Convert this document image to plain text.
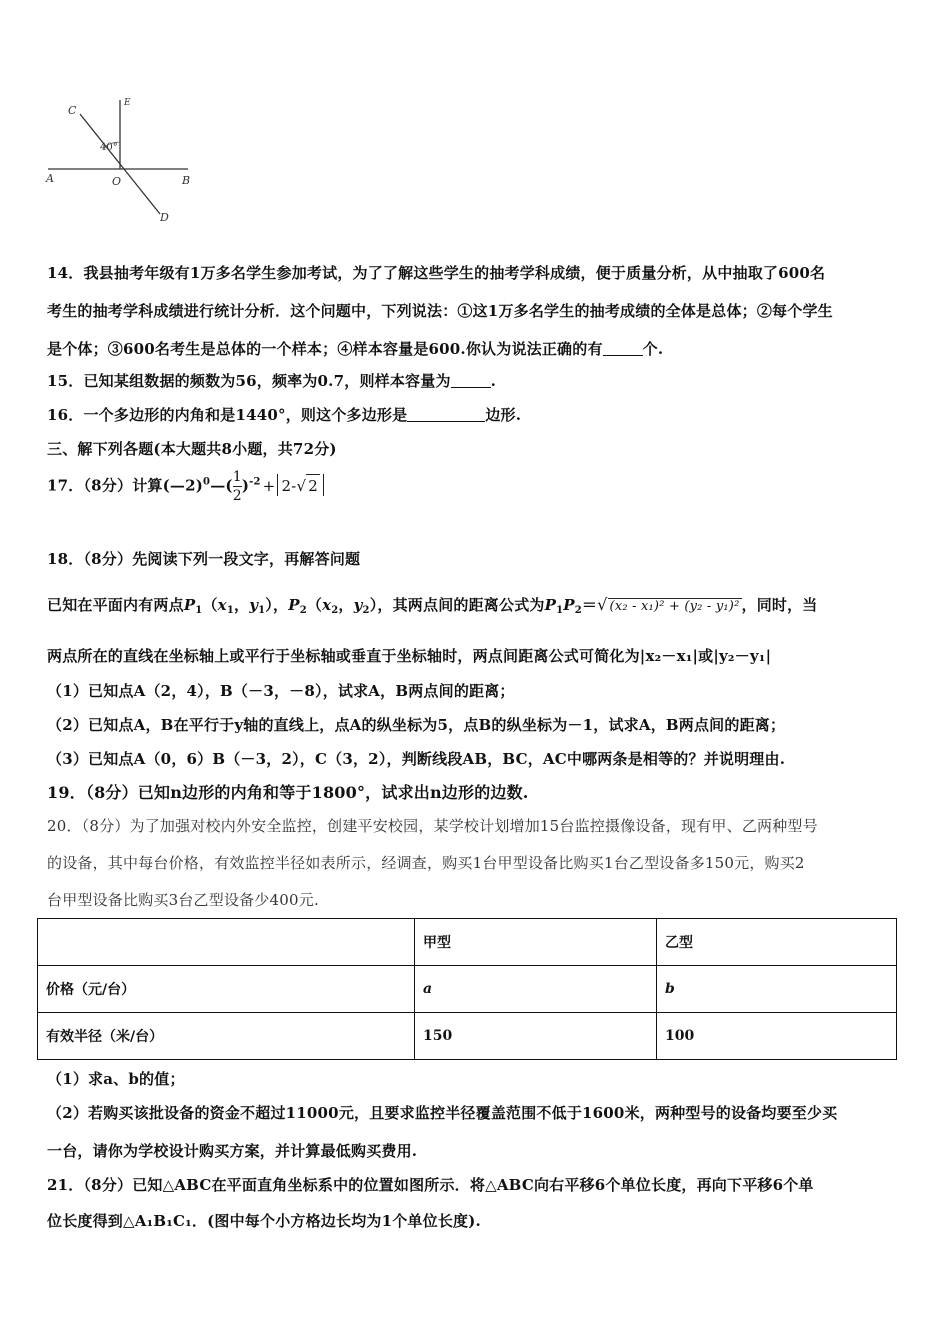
C
E
40°
A	O	B
D
14．我县抽考年级有1万多名学生参加考试，为了了解这些学生的抽考学科成绩，便于质量分析，从中抽取了600名
考生的抽考学科成绩进行统计分析．这个问题中，下列说法：①这1万多名学生的抽考成绩的全体是总体；②每个学生
是个体；③600名考生是总体的一个样本；④样本容量是600.你认为说法正确的有	个.
15．已知某组数据的频数为56，频率为0.7，则样本容量为	.
16．一个多边形的内角和是1440°，则这个多边形是	边形.
三、解下列各题(本大题共8小题，共72分)
17．（8分）计算(—2)$^0$—( $\frac{1}{2} )^{-2} + 2-√$ 2
18．（8分）先阅读下列一段文字，再解答问题
已知在平面内有两点$P_1(x_1$，$y_1$），$P_2(x_2$，$y_2$），其两点间的距离公式为$P_1P_2=√$ (x₂ - x₁)² + (y₂ - y₁)² ，同时，当
两点所在的直线在坐标轴上或平行于坐标轴或垂直于坐标轴时，两点间距离公式可简化为|x₂－x₁|或|y₂－y₁|
（1）已知点A（2，4），B（－3，－8），试求A，B两点间的距离；
（2）已知点A，B在平行于y轴的直线上，点A的纵坐标为5，点B的纵坐标为－1，试求A，B两点间的距离；
（3）已知点A（0，6）B（－3，2），C（3，2），判断线段AB，BC，AC中哪两条是相等的？并说明理由.
19．（8分）已知n边形的内角和等于1800°，试求出n边形的边数.
20．（8分）为了加强对校内外安全监控，创建平安校园，某学校计划增加15台监控摄像设备，现有甲、乙两种型号
的设备，其中每台价格，有效监控半径如表所示，经调查，购买1台甲型设备比购买1台乙型设备多150元，购买2
台甲型设备比购买3台乙型设备少400元.
	甲型	乙型
价格（元/台）	a	b
有效半径（米/台）	150	100
（1）求a、b的值；
（2）若购买该批设备的资金不超过11000元，且要求监控半径覆盖范围不低于1600米，两种型号的设备均要至少买
一台，请你为学校设计购买方案，并计算最低购买费用.
21．（8分）已知△ABC在平面直角坐标系中的位置如图所示．将△ABC向右平移6个单位长度，再向下平移6个单
位长度得到△A₁B₁C₁．(图中每个小方格边长均为1个单位长度).
